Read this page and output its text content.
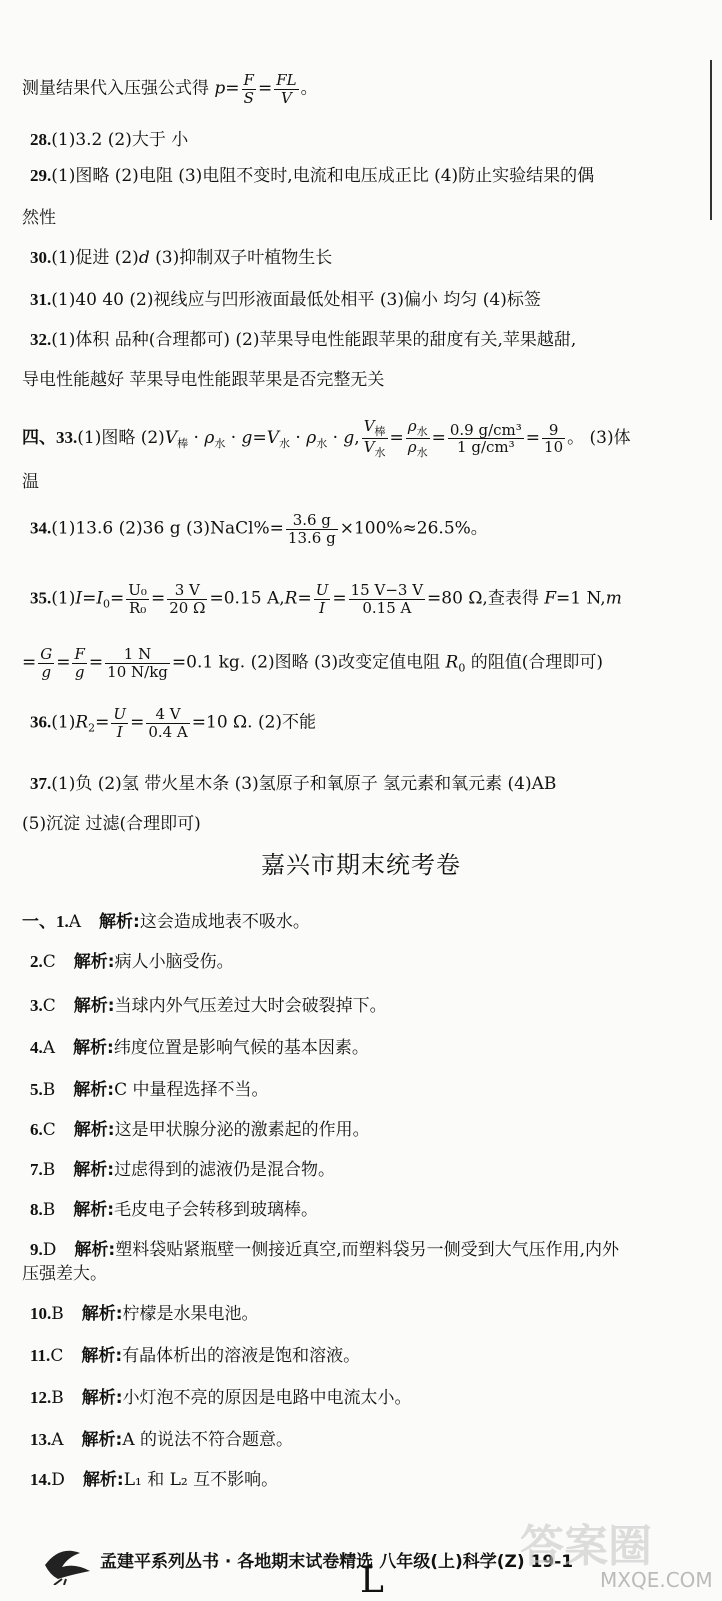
测量结果代入压强公式得 $p= \frac{F}{S} = \frac{FL}{V}$ 。
28.(1)3.2 (2)大于 小
29.(1)图略 (2)电阻 (3)电阻不变时,电流和电压成正比 (4)防止实验结果的偶
然性
30.(1)促进 (2)d (3)抑制双子叶植物生长
31.(1)40 40 (2)视线应与凹形液面最低处相平 (3)偏小 均匀 (4)标签
32.(1)体积 品种(合理都可) (2)苹果导电性能跟苹果的甜度有关,苹果越甜,
导电性能越好 苹果导电性能跟苹果是否完整无关
四、33.(1)图略 $(2)V_棒 \cdot \rho_水 \cdot g=V_水 \cdot \rho_水 \cdot g$, $\frac{V_棒}{V_水} = \frac{\rho_水}{\rho_水} = \frac{\text{0.9 g/cm³}}{\text{1 g/cm³}} = \frac{9}{10}$ 。 (3)体
温
34.(1)13.6 (2)36 g (3)NaCl%= $\frac{3.6 g}{13.6 g} \times 100\%\approx 26.5\%$。
$35.(1)I=I_0= \frac{\text{U₀}}{\text{R₀}} = \frac{3 V}{20 \Omega} =0.15$ $A,R= \frac{U}{I} = \frac{15 V-3 V}{0.15 A} =80$ Ω,查表得 F=1 N,m
= $\frac{G}{g} = \frac{F}{g} = \frac{1 N}{10 N/kg} =0.1$ kg. (2)图略 (3)改变定值电阻 $R_0$ 的阻值(合理即可)
$36.(1)R_2= \frac{U}{I} = \frac{4 V}{0.4 A} =10$ Ω. (2)不能
37.(1)负 (2)氢 带火星木条 (3)氢原子和氧原子 氢元素和氧元素 (4)AB
(5)沉淀 过滤(合理即可)
嘉兴市期末统考卷
一、1.A 解析:这会造成地表不吸水。
2.C 解析:病人小脑受伤。
3.C 解析:当球内外气压差过大时会破裂掉下。
4.A 解析:纬度位置是影响气候的基本因素。
5.B 解析:C 中量程选择不当。
6.C 解析:这是甲状腺分泌的激素起的作用。
7.B 解析:过虑得到的滤液仍是混合物。
8.B 解析:毛皮电子会转移到玻璃棒。
9.D 解析:塑料袋贴紧瓶壁一侧接近真空,而塑料袋另一侧受到大气压作用,内外
10.B 解析:柠檬是水果电池。
11.C 解析:有晶体析出的溶液是饱和溶液。
12.B 解析:小灯泡不亮的原因是电路中电流太小。
13.A 解析:A 的说法不符合题意。
14.D 解析:L₁ 和 L₂ 互不影响。
压强差大。
孟建平系列丛书 · 各地期末试卷精选 八年级(上)科学(Z) 19-1
答案圈
MXQE.COM
L
